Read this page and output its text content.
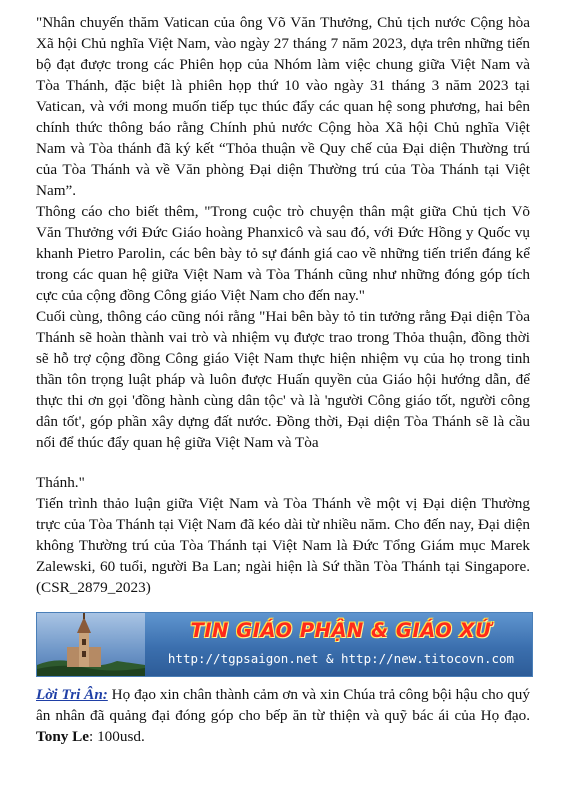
"Nhân chuyến thăm Vatican của ông Võ Văn Thưởng, Chủ tịch nước Cộng hòa Xã hội Chủ nghĩa Việt Nam, vào ngày 27 tháng 7 năm 2023, dựa trên những tiến bộ đạt được trong các Phiên họp của Nhóm làm việc chung giữa Việt Nam và Tòa Thánh, đặc biệt là phiên họp thứ 10 vào ngày 31 tháng 3 năm 2023 tại Vatican, và với mong muốn tiếp tục thúc đẩy các quan hệ song phương, hai bên chính thức thông báo rằng Chính phủ nước Cộng hòa Xã hội Chủ nghĩa Việt Nam và Tòa thánh đã ký kết “Thỏa thuận về Quy chế của Đại diện Thường trú của Tòa Thánh và về Văn phòng Đại diện Thường trú của Tòa Thánh tại Việt Nam”.

Thông cáo cho biết thêm, "Trong cuộc trò chuyện thân mật giữa Chủ tịch Võ Văn Thưởng với Đức Giáo hoàng Phanxicô và sau đó, với Đức Hồng y Quốc vụ khanh Pietro Parolin, các bên bày tỏ sự đánh giá cao về những tiến triển đáng kể trong các quan hệ giữa Việt Nam và Tòa Thánh cũng như những đóng góp tích cực của cộng đồng Công giáo Việt Nam cho đến nay."

Cuối cùng, thông cáo cũng nói rằng "Hai bên bày tỏ tin tưởng rằng Đại diện Tòa Thánh sẽ hoàn thành vai trò và nhiệm vụ được trao trong Thỏa thuận, đồng thời sẽ hỗ trợ cộng đồng Công giáo Việt Nam thực hiện nhiệm vụ của họ trong tinh thần tôn trọng luật pháp và luôn được Huấn quyền của Giáo hội hướng dẫn, để thực thi ơn gọi 'đồng hành cùng dân tộc' và là 'người Công giáo tốt, người công dân tốt', góp phần xây dựng đất nước. Đồng thời, Đại diện Tòa Thánh sẽ là cầu nối để thúc đẩy quan hệ giữa Việt Nam và Tòa

Thánh."

Tiến trình thảo luận giữa Việt Nam và Tòa Thánh về một vị Đại diện Thường trực của Tòa Thánh tại Việt Nam đã kéo dài từ nhiều năm. Cho đến nay, Đại diện không Thường trú của Tòa Thánh tại Việt Nam là Đức Tổng Giám mục Marek Zalewski, 60 tuổi, người Ba Lan; ngài hiện là Sứ thần Tòa Thánh tại Singapore. (CSR_2879_2023)

TIN GIÁO PHẬN & GIÁO XỨ
http://tgpsaigon.net & http://new.titocovn.com

Lời Tri Ân: Họ đạo xin chân thành cảm ơn và xin Chúa trả công bội hậu cho quý ân nhân đã quảng đại đóng góp cho bếp ăn từ thiện và quỹ bác ái của Họ đạo. Tony Le: 100usd.
